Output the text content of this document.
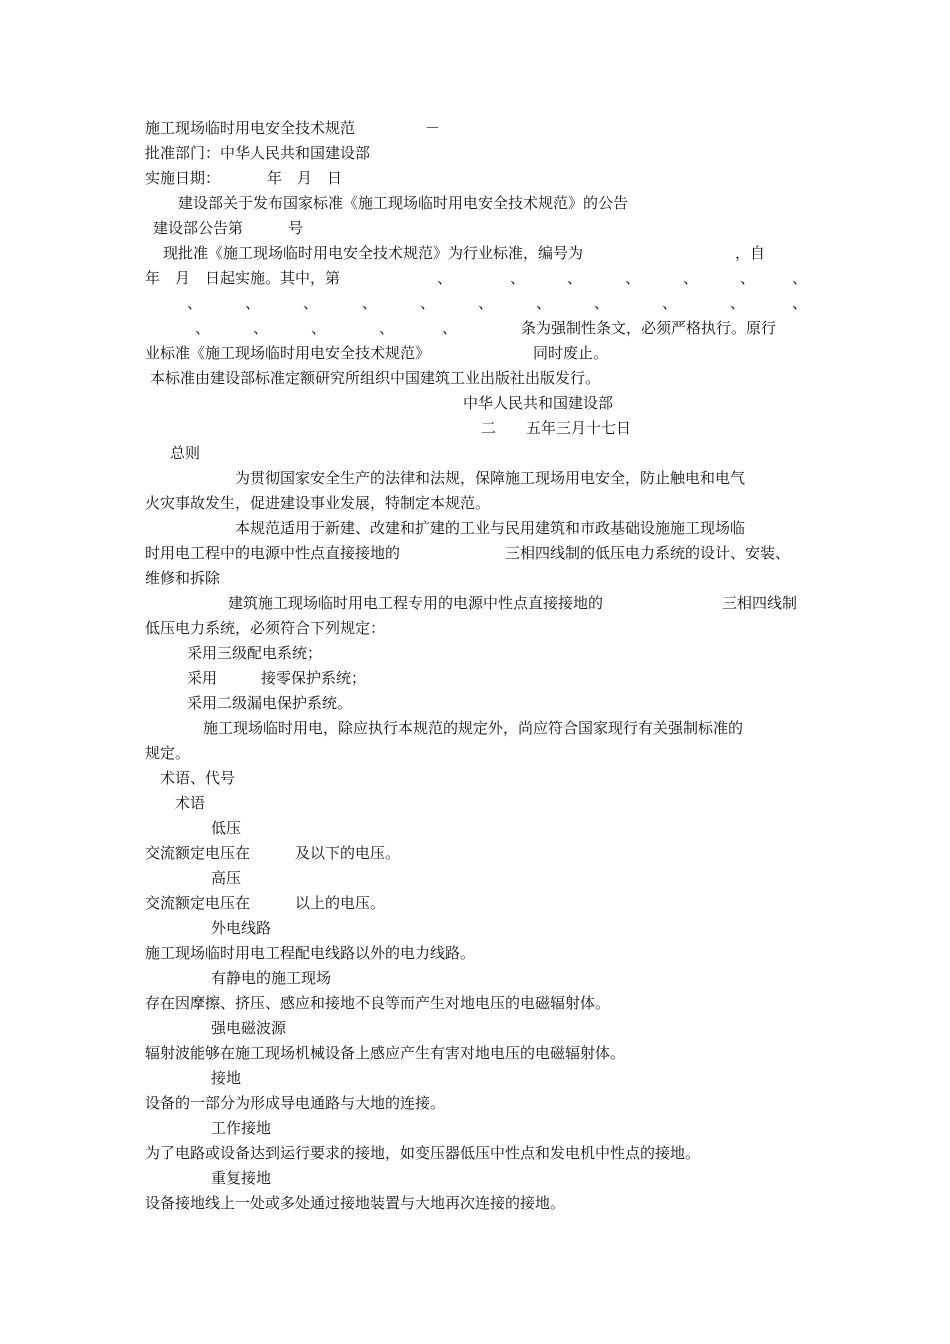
施工现场临时用电安全技术规范	－
批准部门：中华人民共和国建设部
实施日期：	年　月　日
建设部关于发布国家标准《施工现场临时用电安全技术规范》的公告
建设部公告第	号
现批准《施工现场临时用电安全技术规范》为行业标准，编号为	，自
年　月　日起实施。其中，第	、	、	、	、	、	、 、
、	、	、	、	、	、	、	、	、	、	、
、	、	、	、	、	条为强制性条文，必须严格执行。原行
业标准《施工现场临时用电安全技术规范》	同时废止。
本标准由建设部标准定额研究所组织中国建筑工业出版社出版发行。
中华人民共和国建设部
二　　五年三月十七日
总则
为贯彻国家安全生产的法律和法规，保障施工现场用电安全，防止触电和电气
火灾事故发生，促进建设事业发展，特制定本规范。
本规范适用于新建、改建和扩建的工业与民用建筑和市政基础设施施工现场临
时用电工程中的电源中性点直接接地的	三相四线制的低压电力系统的设计、安装、
维修和拆除
建筑施工现场临时用电工程专用的电源中性点直接接地的	三相四线制
低压电力系统，必须符合下列规定：
采用三级配电系统；
采用	接零保护系统；
采用二级漏电保护系统。
施工现场临时用电，除应执行本规范的规定外，尚应符合国家现行有关强制标准的
规定。
术语、代号
术语
低压
交流额定电压在	及以下的电压。
高压
交流额定电压在	以上的电压。
外电线路
施工现场临时用电工程配电线路以外的电力线路。
有静电的施工现场
存在因摩擦、挤压、感应和接地不良等而产生对地电压的电磁辐射体。
强电磁波源
辐射波能够在施工现场机械设备上感应产生有害对地电压的电磁辐射体。
接地
设备的一部分为形成导电通路与大地的连接。
工作接地
为了电路或设备达到运行要求的接地，如变压器低压中性点和发电机中性点的接地。
重复接地
设备接地线上一处或多处通过接地装置与大地再次连接的接地。
